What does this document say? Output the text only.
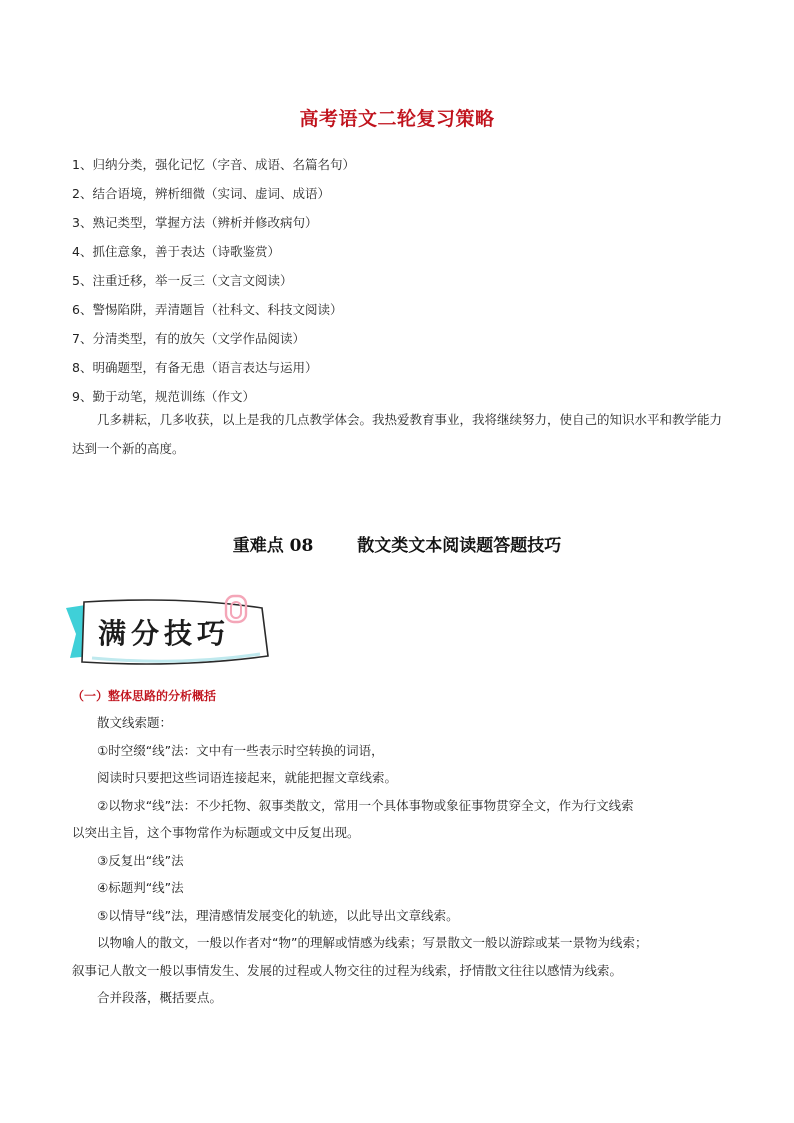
高考语文二轮复习策略
1、归纳分类，强化记忆（字音、成语、名篇名句）
2、结合语境，辨析细微（实词、虚词、成语）
3、熟记类型，掌握方法（辨析并修改病句）
4、抓住意象，善于表达（诗歌鉴赏）
5、注重迁移，举一反三（文言文阅读）
6、警惕陷阱，弄清题旨（社科文、科技文阅读）
7、分清类型，有的放矢（文学作品阅读）
8、明确题型，有备无患（语言表达与运用）
9、勤于动笔，规范训练（作文）
几多耕耘，几多收获，以上是我的几点教学体会。我热爱教育事业，我将继续努力，使自己的知识水平和教学能力达到一个新的高度。
重难点 08	散文类文本阅读题答题技巧
满分技巧
（一）整体思路的分析概括
散文线索题：
①时空缀“线”法：文中有一些表示时空转换的词语，
阅读时只要把这些词语连接起来，就能把握文章线索。
②以物求“线”法：不少托物、叙事类散文，常用一个具体事物或象征事物贯穿全文，作为行文线索
以突出主旨，这个事物常作为标题或文中反复出现。
③反复出“线”法
④标题判“线”法
⑤以情导“线”法，理清感情发展变化的轨迹，以此导出文章线索。
以物喻人的散文，一般以作者对“物”的理解或情感为线索；写景散文一般以游踪或某一景物为线索；
叙事记人散文一般以事情发生、发展的过程或人物交往的过程为线索，抒情散文往往以感情为线索。
合并段落，概括要点。
